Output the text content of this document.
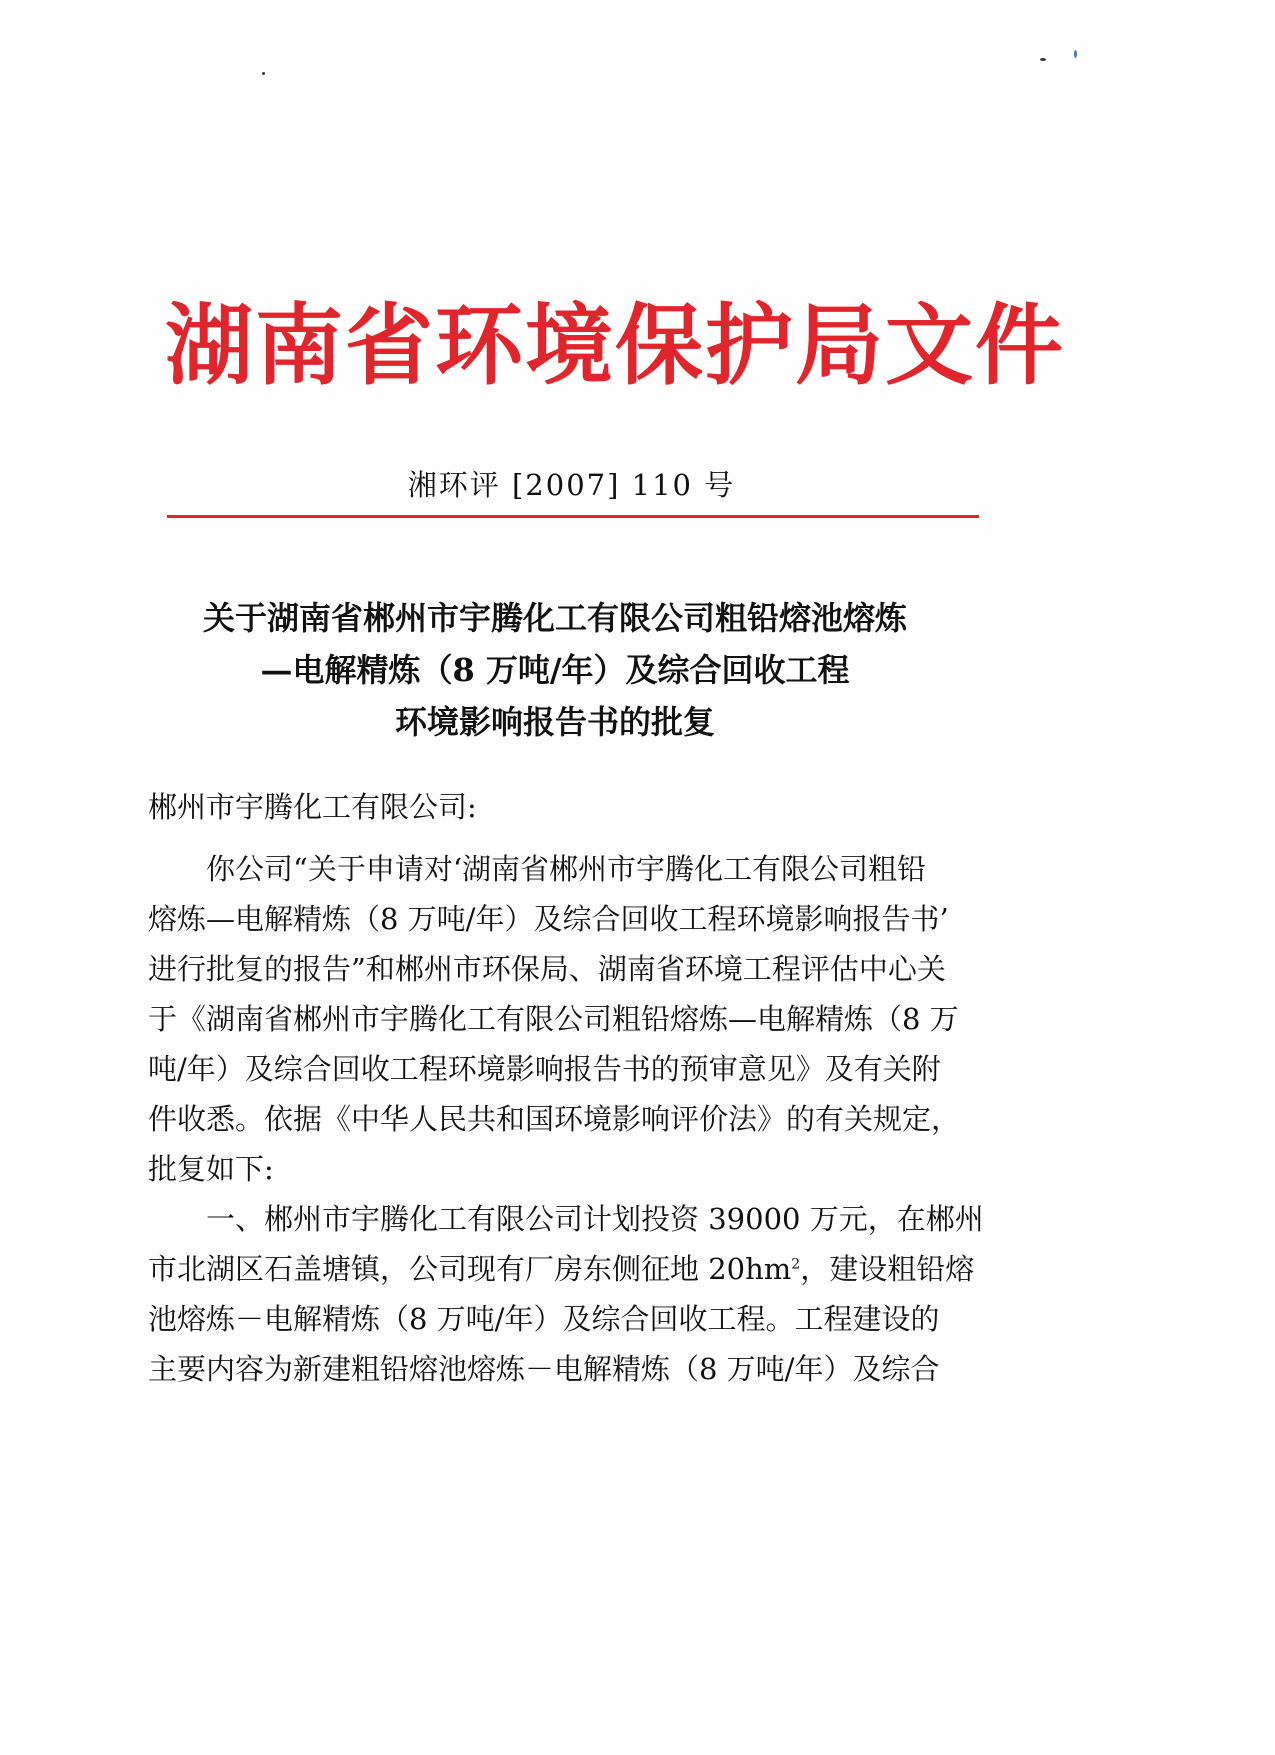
湖南省环境保护局文件
湘环评 [2007] 110 号
关于湖南省郴州市宇腾化工有限公司粗铅熔池熔炼
—电解精炼（8 万吨/年）及综合回收工程
环境影响报告书的批复
郴州市宇腾化工有限公司:
你公司“关于申请对‘湖南省郴州市宇腾化工有限公司粗铅
熔炼—电解精炼（8 万吨/年）及综合回收工程环境影响报告书’
进行批复的报告”和郴州市环保局、湖南省环境工程评估中心关
于《湖南省郴州市宇腾化工有限公司粗铅熔炼—电解精炼（8 万
吨/年）及综合回收工程环境影响报告书的预审意见》及有关附
件收悉。依据《中华人民共和国环境影响评价法》的有关规定，
批复如下:
一、郴州市宇腾化工有限公司计划投资 39000 万元，在郴州
市北湖区石盖塘镇，公司现有厂房东侧征地 $20hm^2$，建设粗铅熔
池熔炼－电解精炼（8 万吨/年）及综合回收工程。工程建设的
主要内容为新建粗铅熔池熔炼－电解精炼（8 万吨/年）及综合
